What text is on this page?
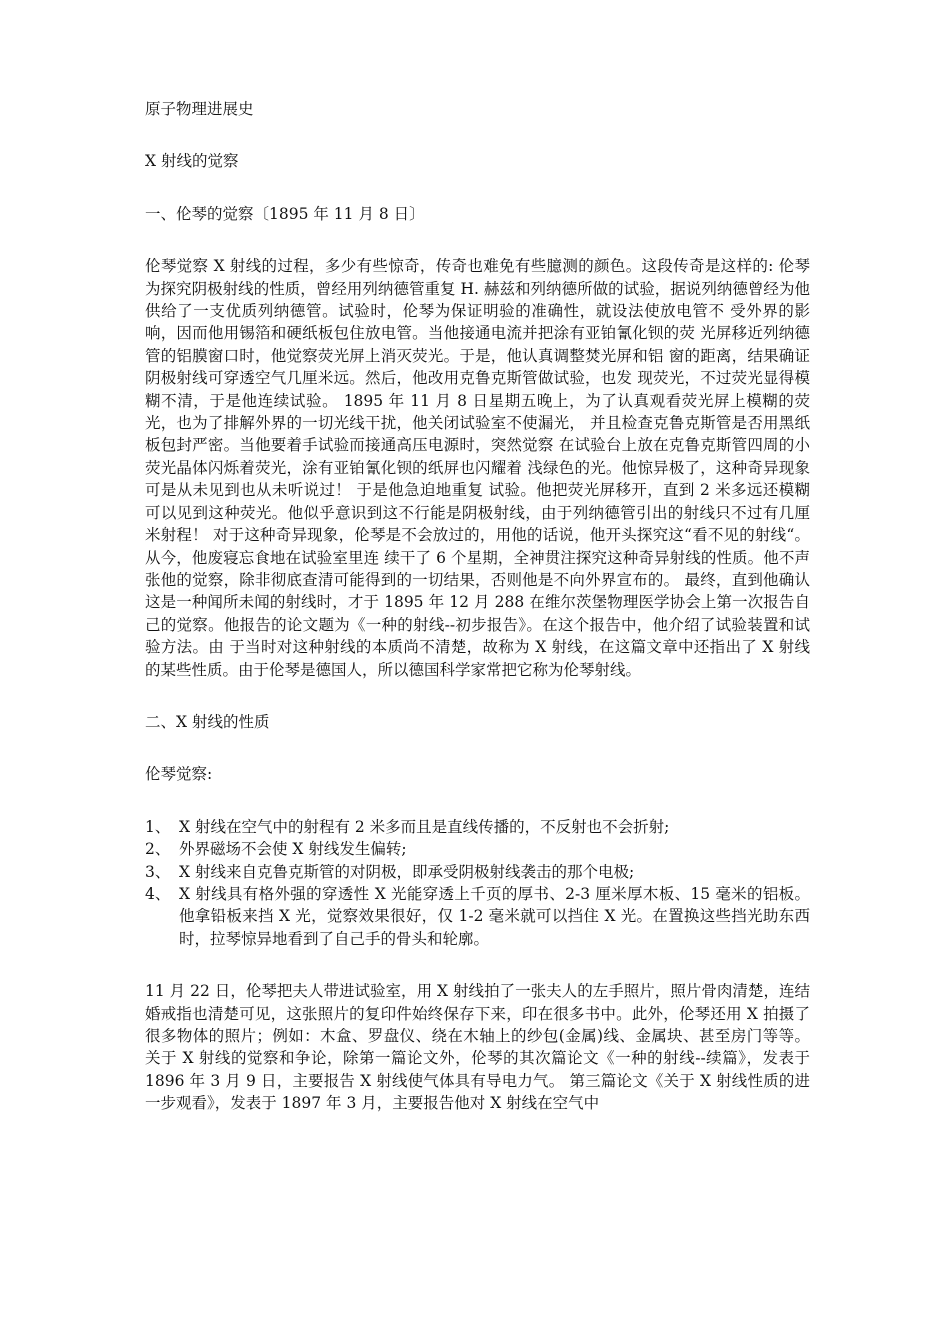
原子物理进展史

X 射线的觉察

一、伦琴的觉察〔1895 年 11 月 8 日〕

伦琴觉察 X 射线的过程，多少有些惊奇，传奇也难免有些臆测的颜色。这段传奇是这样的: 伦琴为探究阴极射线的性质，曾经用列纳德管重复 H. 赫兹和列纳德所做的试验，据说列纳德曾经为他供给了一支优质列纳德管。试验时，伦琴为保证明验的准确性，就设法使放电管不 受外界的影响，因而他用锡箔和硬纸板包住放电管。当他接通电流并把涂有亚铂氰化钡的荧 光屏移近列纳德管的铝膜窗口时，他觉察荧光屏上消灭荧光。于是，他认真调整焚光屏和铝 窗的距离，结果确证阴极射线可穿透空气几厘米远。然后，他改用克鲁克斯管做试验，也发 现荧光，不过荧光显得模糊不清，于是他连续试验。 1895 年 11 月 8 日星期五晚上，为了认真观看荧光屏上模糊的荧光，也为了排解外界的一切光线干扰，他关闭试验室不使漏光， 并且检查克鲁克斯管是否用黑纸板包封严密。当他要着手试验而接通高压电源时，突然觉察 在试验台上放在克鲁克斯管四周的小荧光晶体闪烁着荧光，涂有亚铂氰化钡的纸屏也闪耀着 浅绿色的光。他惊异极了，这种奇异现象可是从未见到也从未听说过！ 于是他急迫地重复 试验。他把荧光屏移开，直到 2 米多远还模糊可以见到这种荧光。他似乎意识到这不行能是阴极射线，由于列纳德管引出的射线只不过有几厘米射程！ 对于这种奇异现象，伦琴是不会放过的，用他的话说，他开头探究这“看不见的射线“。从今，他废寝忘食地在试验室里连 续干了 6 个星期，全神贯注探究这种奇异射线的性质。他不声张他的觉察，除非彻底查清可能得到的一切结果，否则他是不向外界宣布的。 最终，直到他确认这是一种闻所未闻的射线时，才于 1895 年 12 月 288 在维尔茨堡物理医学协会上第一次报告自己的觉察。他报告的论文题为《一种的射线--初步报告》。在这个报告中，他介绍了试验装置和试验方法。由 于当时对这种射线的本质尚不清楚，故称为 X 射线，在这篇文章中还指出了 X 射线的某些性质。由于伦琴是德国人，所以德国科学家常把它称为伦琴射线。

二、X 射线的性质

伦琴觉察:

1、 X 射线在空气中的射程有 2 米多而且是直线传播的，不反射也不会折射;
2、 外界磁场不会使 X 射线发生偏转;
3、 X 射线来自克鲁克斯管的对阴极，即承受阴极射线袭击的那个电极;
4、 X 射线具有格外强的穿透性 X 光能穿透上千页的厚书、2-3 厘米厚木板、15 毫米的铝板。他拿铅板来挡 X 光，觉察效果很好，仅 1-2 毫米就可以挡住 X 光。在置换这些挡光助东西时，拉琴惊异地看到了自己手的骨头和轮廓。

11 月 22 日，伦琴把夫人带进试验室，用 X 射线拍了一张夫人的左手照片，照片骨肉清楚，连结婚戒指也清楚可见，这张照片的复印件始终保存下来，印在很多书中。此外，伦琴还用 X 拍摄了很多物体的照片；例如：木盒、罗盘仪、绕在木轴上的纱包(金属)线、金属块、甚至房门等等。 关于 X 射线的觉察和争论，除第一篇论文外，伦琴的其次篇论文《一种的射线--续篇》，发表于 1896 年 3 月 9 日，主要报告 X 射线使气体具有导电力气。 第三篇论文《关于 X 射线性质的进一步观看》，发表于 1897 年 3 月，主要报告他对 X 射线在空气中
